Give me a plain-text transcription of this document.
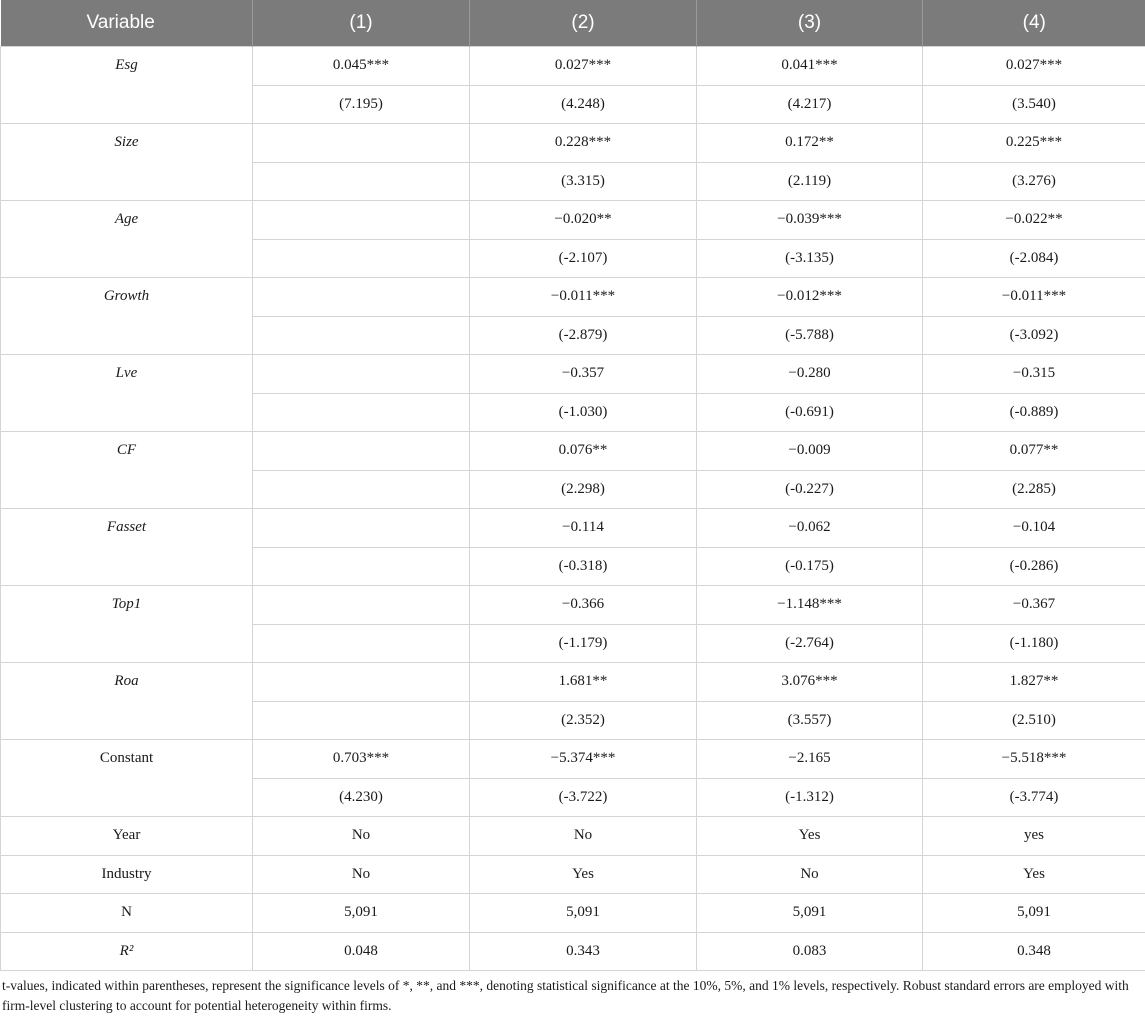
Variable	(1)	(2)	(3)	(4)
Esg	0.045***	0.027***	0.041***	0.027***
	(7.195)	(4.248)	(4.217)	(3.540)
Size		0.228***	0.172**	0.225***
		(3.315)	(2.119)	(3.276)
Age		−0.020**	−0.039***	−0.022**
		(-2.107)	(-3.135)	(-2.084)
Growth		−0.011***	−0.012***	−0.011***
		(-2.879)	(-5.788)	(-3.092)
Lve		−0.357	−0.280	−0.315
		(-1.030)	(-0.691)	(-0.889)
CF		0.076**	−0.009	0.077**
		(2.298)	(-0.227)	(2.285)
Fasset		−0.114	−0.062	−0.104
		(-0.318)	(-0.175)	(-0.286)
Top1		−0.366	−1.148***	−0.367
		(-1.179)	(-2.764)	(-1.180)
Roa		1.681**	3.076***	1.827**
		(2.352)	(3.557)	(2.510)
Constant	0.703***	−5.374***	−2.165	−5.518***
	(4.230)	(-3.722)	(-1.312)	(-3.774)
Year	No	No	Yes	yes
Industry	No	Yes	No	Yes
N	5,091	5,091	5,091	5,091
R²	0.048	0.343	0.083	0.348
t-values, indicated within parentheses, represent the significance levels of *, **, and ***, denoting statistical significance at the 10%, 5%, and 1% levels, respectively. Robust standard errors are employed with firm-level clustering to account for potential heterogeneity within firms.
